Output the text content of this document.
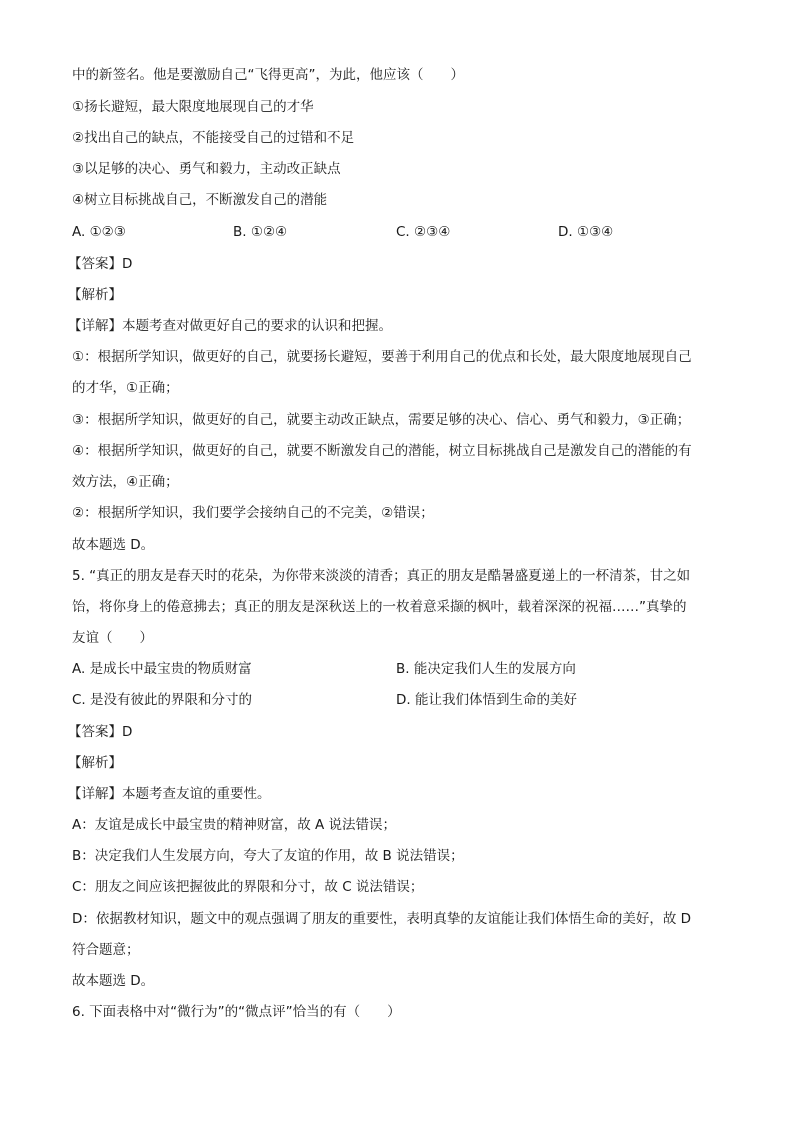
中的新签名。他是要激励自己“飞得更高”，为此，他应该（　　）
①扬长避短，最大限度地展现自己的才华
②找出自己的缺点，不能接受自己的过错和不足
③以足够的决心、勇气和毅力，主动改正缺点
④树立目标挑战自己，不断激发自己的潜能
A. ①②③	B. ①②④	C. ②③④	D. ①③④
【答案】D
【解析】
【详解】本题考查对做更好自己的要求的认识和把握。
①：根据所学知识，做更好的自己，就要扬长避短，要善于利用自己的优点和长处，最大限度地展现自己
的才华，①正确；
③：根据所学知识，做更好的自己，就要主动改正缺点，需要足够的决心、信心、勇气和毅力，③正确；
④：根据所学知识，做更好的自己，就要不断激发自己的潜能，树立目标挑战自己是激发自己的潜能的有
效方法，④正确；
②：根据所学知识，我们要学会接纳自己的不完美，②错误；
故本题选 D。
5. “真正的朋友是春天时的花朵，为你带来淡淡的清香；真正的朋友是酷暑盛夏递上的一杯清茶，甘之如
饴，将你身上的倦意拂去；真正的朋友是深秋送上的一枚着意采撷的枫叶，载着深深的祝福……”真挚的
友谊（　　）
A. 是成长中最宝贵的物质财富	B. 能决定我们人生的发展方向
C. 是没有彼此的界限和分寸的	D. 能让我们体悟到生命的美好
【答案】D
【解析】
【详解】本题考查友谊的重要性。
A：友谊是成长中最宝贵的精神财富，故 A 说法错误；
B：决定我们人生发展方向，夸大了友谊的作用，故 B 说法错误；
C：朋友之间应该把握彼此的界限和分寸，故 C 说法错误；
D：依据教材知识，题文中的观点强调了朋友的重要性，表明真挚的友谊能让我们体悟生命的美好，故 D
符合题意；
故本题选 D。
6. 下面表格中对“微行为”的“微点评”恰当的有（　　）
